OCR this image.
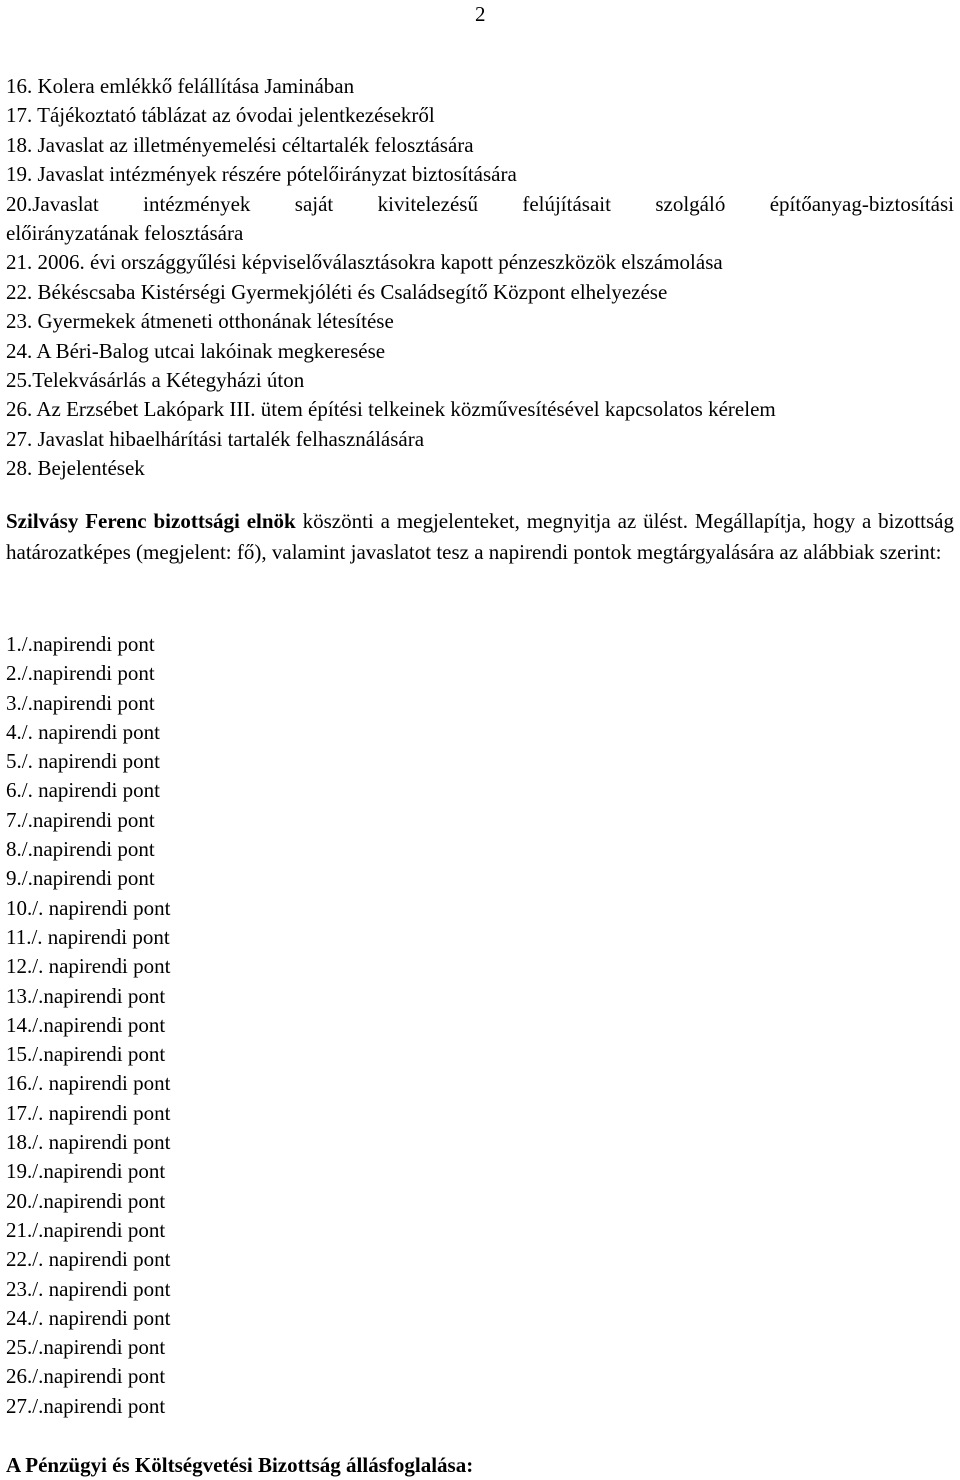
2
16. Kolera emlékkő felállítása Jaminában
17. Tájékoztató táblázat az óvodai jelentkezésekről
18. Javaslat az illetményemelési céltartalék felosztására
19. Javaslat intézmények részére pótelőirányzat biztosítására
20.Javaslat intézmények saját kivitelezésű felújításait szolgáló építőanyag-biztosítási
előirányzatának felosztására
21. 2006. évi országgyűlési képviselőválasztásokra kapott pénzeszközök elszámolása
22. Békéscsaba Kistérségi Gyermekjóléti és Családsegítő Központ elhelyezése
23. Gyermekek átmeneti otthonának létesítése
24. A Béri-Balog utcai lakóinak megkeresése
25.Telekvásárlás a Kétegyházi úton
26. Az Erzsébet Lakópark III. ütem építési telkeinek közművesítésével kapcsolatos kérelem
27. Javaslat hibaelhárítási tartalék felhasználására
28. Bejelentések

Szilvásy Ferenc bizottsági elnök köszönti a megjelenteket, megnyitja az ülést. Megállapítja, hogy a bizottság határozatképes (megjelent: fő), valamint javaslatot tesz a napirendi pontok megtárgyalására az alábbiak szerint:

1./.napirendi pont
2./.napirendi pont
3./.napirendi pont
4./. napirendi pont
5./. napirendi pont
6./. napirendi pont
7./.napirendi pont
8./.napirendi pont
9./.napirendi pont
10./. napirendi pont
11./. napirendi pont
12./. napirendi pont
13./.napirendi pont
14./.napirendi pont
15./.napirendi pont
16./. napirendi pont
17./. napirendi pont
18./. napirendi pont
19./.napirendi pont
20./.napirendi pont
21./.napirendi pont
22./. napirendi pont
23./. napirendi pont
24./. napirendi pont
25./.napirendi pont
26./.napirendi pont
27./.napirendi pont

A Pénzügyi és Költségvetési Bizottság állásfoglalása:
